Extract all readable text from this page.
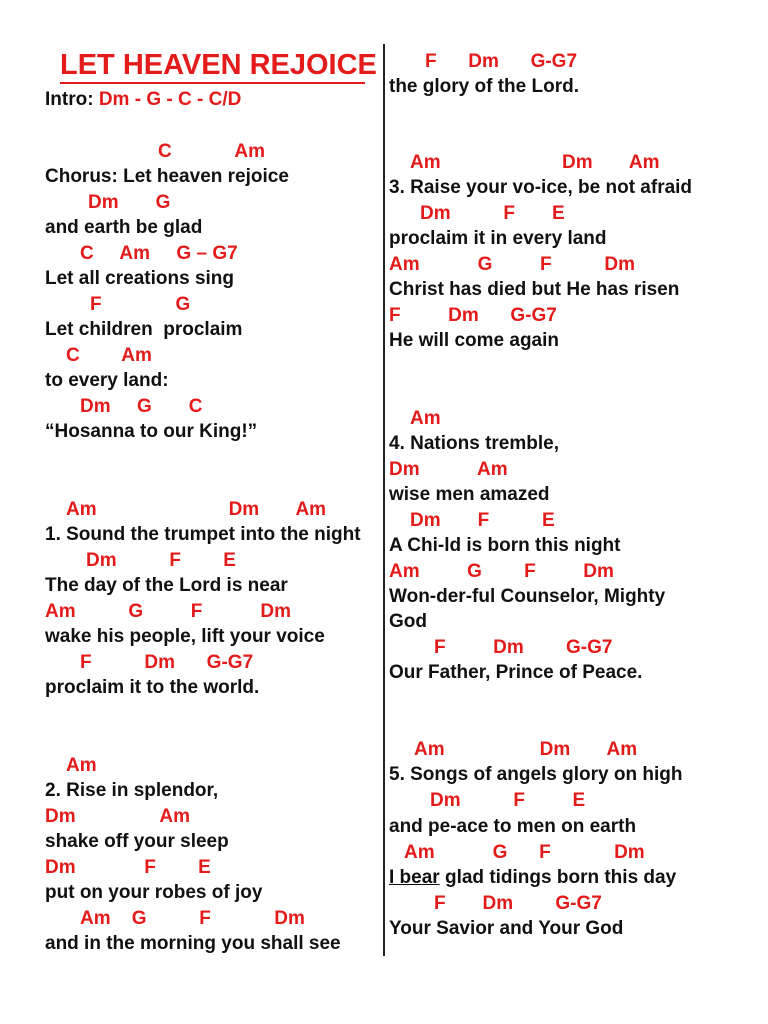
LET HEAVEN REJOICE
Intro: Dm - G - C - C/D
C            Am
Chorus: Let heaven rejoice
Dm       G
and earth be glad
C     Am     G – G7
Let all creations sing
F              G
Let children  proclaim
C        Am
to every land:
Dm     G       C
“Hosanna to our King!”
Am                         Dm       Am
1. Sound the trumpet into the night
Dm          F        E
The day of the Lord is near
Am          G         F           Dm
wake his people, lift your voice
F          Dm      G-G7
proclaim it to the world.
Am
2. Rise in splendor,
Dm                Am
shake off your sleep
Dm             F        E
put on your robes of joy
Am    G          F            Dm
and in the morning you shall see
F      Dm      G-G7
the glory of the Lord.
Am                       Dm       Am
3. Raise your vo-ice, be not afraid
Dm          F       E
proclaim it in every land
Am           G         F          Dm
Christ has died but He has risen
F         Dm      G-G7
He will come again
Am
4. Nations tremble,
Dm           Am
wise men amazed
Dm       F          E
A Chi-ld is born this night
Am         G        F         Dm
Won-der-ful Counselor, Mighty
God
F         Dm        G-G7
Our Father, Prince of Peace.
Am                  Dm       Am
5. Songs of angels glory on high
Dm          F         E
and pe-ace to men on earth
Am           G      F            Dm
I bear glad tidings born this day
F       Dm        G-G7
Your Savior and Your God
